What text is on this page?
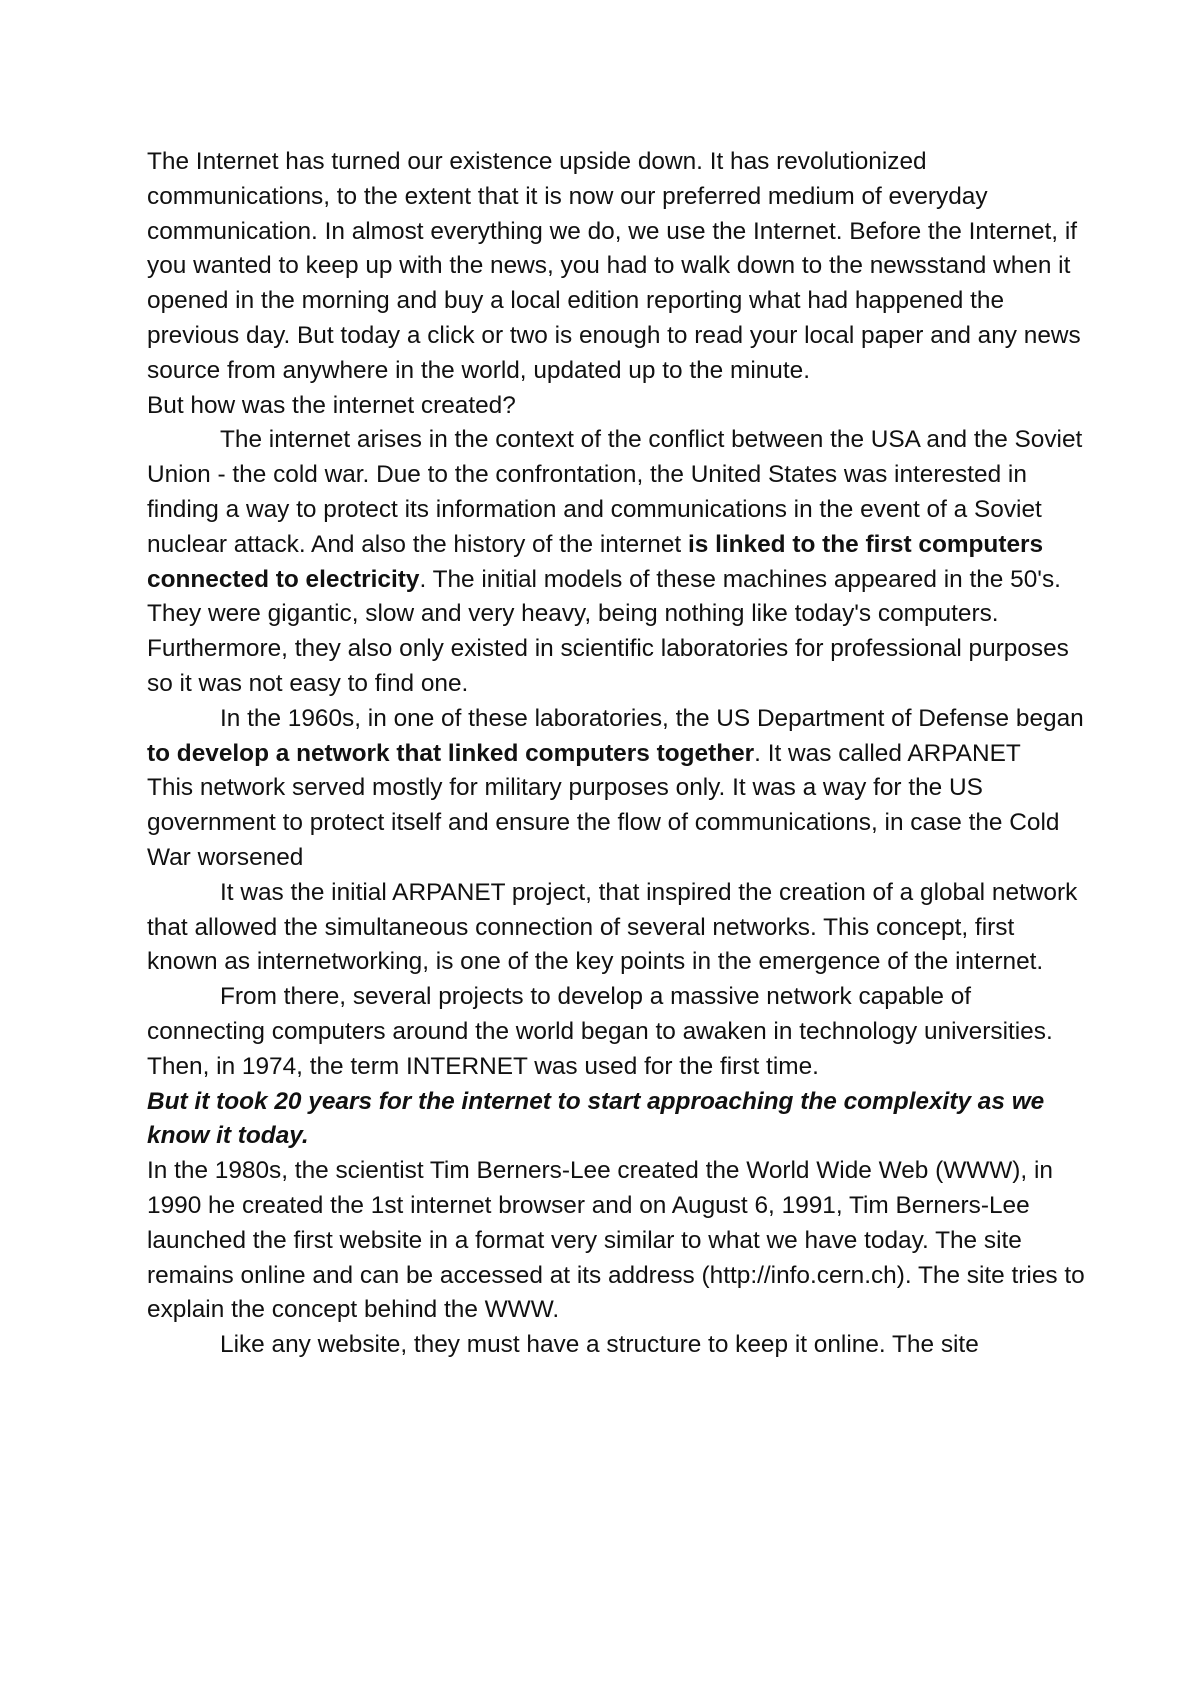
The Internet has turned our existence upside down. It has revolutionized communications, to the extent that it is now our preferred medium of everyday communication. In almost everything we do, we use the Internet. Before the Internet, if you wanted to keep up with the news, you had to walk down to the newsstand when it opened in the morning and buy a local edition reporting what had happened the previous day. But today a click or two is enough to read your local paper and any news source from anywhere in the world, updated up to the minute.

But how was the internet created?

The internet arises in the context of the conflict between the USA and the Soviet Union - the cold war. Due to the confrontation, the United States was interested in finding a way to protect its information and communications in the event of a Soviet nuclear attack. And also the history of the internet is linked to the first computers connected to electricity. The initial models of these machines appeared in the 50's. They were gigantic, slow and very heavy, being nothing like today's computers. Furthermore, they also only existed in scientific laboratories for professional purposes so it was not easy to find one.

In the 1960s, in one of these laboratories, the US Department of Defense began to develop a network that linked computers together. It was called ARPANET

This network served mostly for military purposes only. It was a way for the US government to protect itself and ensure the flow of communications, in case the Cold War worsened

It was the initial ARPANET project, that inspired the creation of a global network that allowed the simultaneous connection of several networks. This concept, first known as internetworking, is one of the key points in the emergence of the internet.

From there, several projects to develop a massive network capable of connecting computers around the world began to awaken in technology universities.

Then, in 1974, the term INTERNET was used for the first time.

But it took 20 years for the internet to start approaching the complexity as we know it today.

In the 1980s, the scientist Tim Berners-Lee created the World Wide Web (WWW), in 1990 he created the 1st internet browser and on August 6, 1991, Tim Berners-Lee launched the first website in a format very similar to what we have today. The site remains online and can be accessed at its address (http://info.cern.ch). The site tries to explain the concept behind the WWW.

Like any website, they must have a structure to keep it online. The site
